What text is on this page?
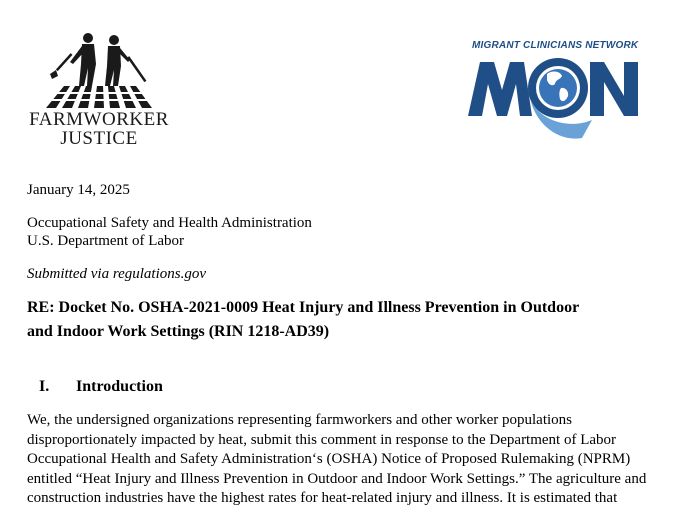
FARMWORKER
JUSTICE
MIGRANT CLINICIANS NETWORK
January 14, 2025
Occupational Safety and Health Administration
U.S. Department of Labor
Submitted via regulations.gov
RE: Docket No. OSHA-2021-0009 Heat Injury and Illness Prevention in Outdoor
and Indoor Work Settings (RIN 1218-AD39)
I. Introduction
We, the undersigned organizations representing farmworkers and other worker populations
disproportionately impacted by heat, submit this comment in response to the Department of Labor
Occupational Health and Safety Administration‘s (OSHA) Notice of Proposed Rulemaking (NPRM)
entitled “Heat Injury and Illness Prevention in Outdoor and Indoor Work Settings.” The agriculture and
construction industries have the highest rates for heat-related injury and illness. It is estimated that
